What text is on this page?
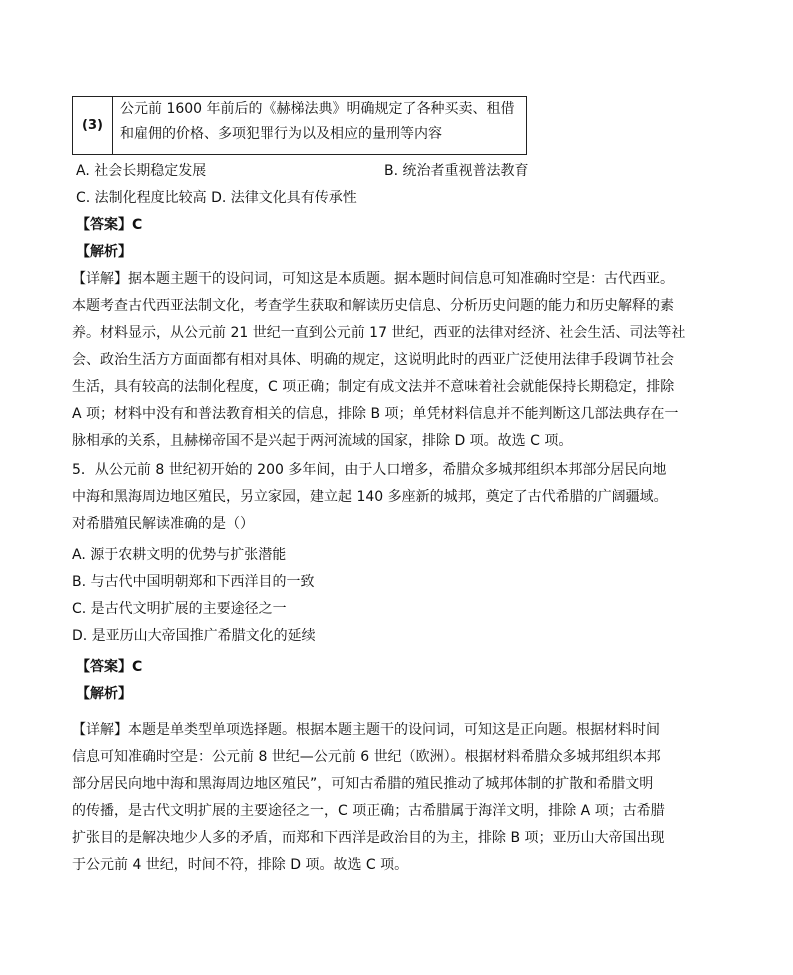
(3)
公元前 1600 年前后的《赫梯法典》明确规定了各种买卖、租借
和雇佣的价格、多项犯罪行为以及相应的量刑等内容
A. 社会长期稳定发展	B. 统治者重视普法教育
C. 法制化程度比较高 D. 法律文化具有传承性
【答案】C
【解析】
【详解】据本题主题干的设问词，可知这是本质题。据本题时间信息可知准确时空是：古代西亚。
本题考查古代西亚法制文化，考查学生获取和解读历史信息、分析历史问题的能力和历史解释的素
养。材料显示，从公元前 21 世纪一直到公元前 17 世纪，西亚的法律对经济、社会生活、司法等社
会、政治生活方方面面都有相对具体、明确的规定，这说明此时的西亚广泛使用法律手段调节社会
生活，具有较高的法制化程度，C 项正确；制定有成文法并不意味着社会就能保持长期稳定，排除
A 项；材料中没有和普法教育相关的信息，排除 B 项；单凭材料信息并不能判断这几部法典存在一
脉相承的关系，且赫梯帝国不是兴起于两河流域的国家，排除 D 项。故选 C 项。
5．从公元前 8 世纪初开始的 200 多年间，由于人口增多，希腊众多城邦组织本邦部分居民向地
中海和黑海周边地区殖民，另立家园，建立起 140 多座新的城邦，奠定了古代希腊的广阔疆域。
对希腊殖民解读准确的是（）
A. 源于农耕文明的优势与扩张潜能
B. 与古代中国明朝郑和下西洋目的一致
C. 是古代文明扩展的主要途径之一
D. 是亚历山大帝国推广希腊文化的延续
【答案】C
【解析】
【详解】本题是单类型单项选择题。根据本题主题干的设问词，可知这是正向题。根据材料时间
信息可知准确时空是：公元前 8 世纪—公元前 6 世纪（欧洲）。根据材料希腊众多城邦组织本邦
部分居民向地中海和黑海周边地区殖民”，可知古希腊的殖民推动了城邦体制的扩散和希腊文明
的传播，是古代文明扩展的主要途径之一，C 项正确；古希腊属于海洋文明，排除 A 项；古希腊
扩张目的是解决地少人多的矛盾，而郑和下西洋是政治目的为主，排除 B 项；亚历山大帝国出现
于公元前 4 世纪，时间不符，排除 D 项。故选 C 项。
